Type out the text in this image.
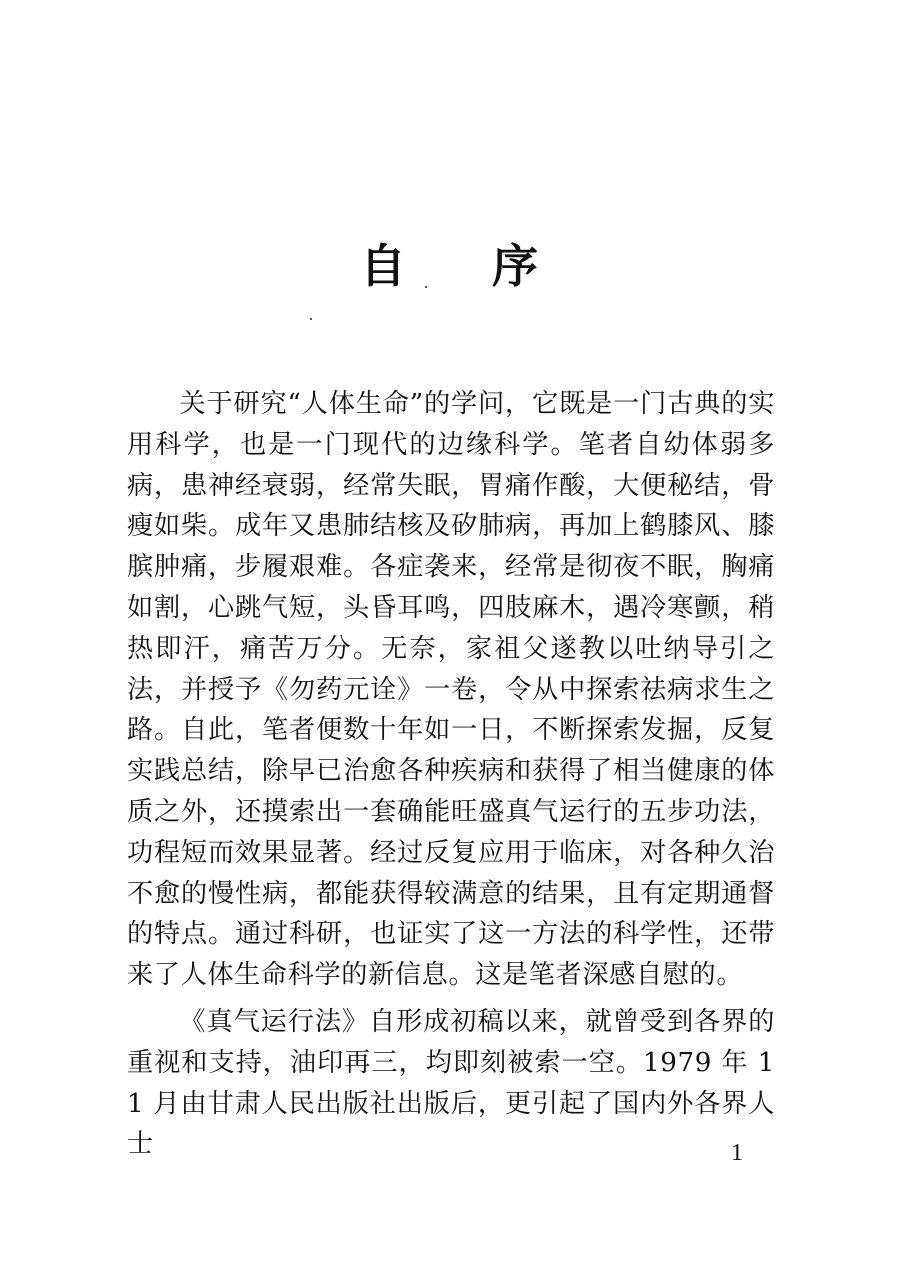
自 序

关于研究“人体生命”的学问，它既是一门古典的实用科学，也是一门现代的边缘科学。笔者自幼体弱多病，患神经衰弱，经常失眠，胃痛作酸，大便秘结，骨瘦如柴。成年又患肺结核及矽肺病，再加上鹤膝风、膝膑肿痛，步履艰难。各症袭来，经常是彻夜不眠，胸痛如割，心跳气短，头昏耳鸣，四肢麻木，遇冷寒颤，稍热即汗，痛苦万分。无奈，家祖父遂教以吐纳导引之法，并授予《勿药元诠》一卷，令从中探索祛病求生之路。自此，笔者便数十年如一日，不断探索发掘，反复实践总结，除早已治愈各种疾病和获得了相当健康的体质之外，还摸索出一套确能旺盛真气运行的五步功法，功程短而效果显著。经过反复应用于临床，对各种久治不愈的慢性病，都能获得较满意的结果，且有定期通督的特点。通过科研，也证实了这一方法的科学性，还带来了人体生命科学的新信息。这是笔者深感自慰的。

《真气运行法》自形成初稿以来，就曾受到各界的重视和支持，油印再三，均即刻被索一空。1979 年 11 月由甘肃人民出版社出版后，更引起了国内外各界人士	1
